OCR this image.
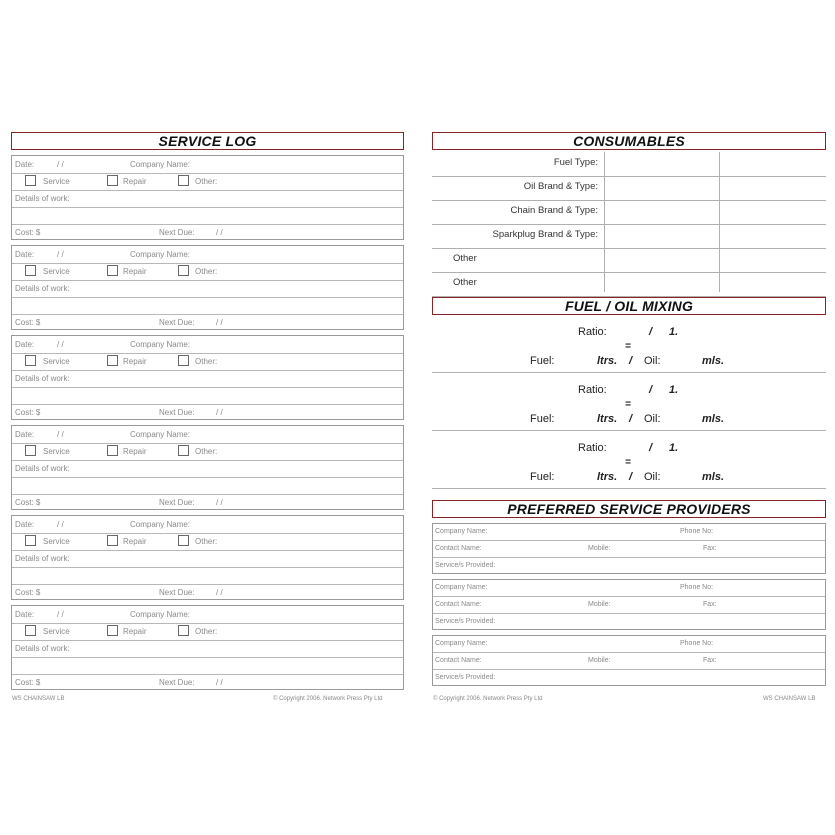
SERVICE LOG
Date:	/ /	Company Name:
Service	Repair	Other:
Details of work:
Cost: $	Next Due:	/ /
Date:	/ /	Company Name:
Service	Repair	Other:
Details of work:
Cost: $	Next Due:	/ /
Date:	/ /	Company Name:
Service	Repair	Other:
Details of work:
Cost: $	Next Due:	/ /
Date:	/ /	Company Name:
Service	Repair	Other:
Details of work:
Cost: $	Next Due:	/ /
Date:	/ /	Company Name:
Service	Repair	Other:
Details of work:
Cost: $	Next Due:	/ /
Date:	/ /	Company Name:
Service	Repair	Other:
Details of work:
Cost: $	Next Due:	/ /
CONSUMABLES
Fuel Type:
Oil Brand & Type:
Chain Brand & Type:
Sparkplug Brand & Type:
Other
Other
FUEL / OIL MIXING
Ratio:	/ 1.
=
Fuel:	ltrs. / Oil:	mls.
Ratio:	/ 1.
=
Fuel:	ltrs. / Oil:	mls.
Ratio:	/ 1.
=
Fuel:	ltrs. / Oil:	mls.
PREFERRED SERVICE PROVIDERS
Company Name:	Phone No:
Contact Name:	Mobile:	Fax:
Service/s Provided:
Company Name:	Phone No:
Contact Name:	Mobile:	Fax:
Service/s Provided:
Company Name:	Phone No:
Contact Name:	Mobile:	Fax:
Service/s Provided:
WS CHAINSAW LB	© Copyright 2006. Network Press Pty Ltd	© Copyright 2006. Network Press Pty Ltd	WS CHAINSAW LB
